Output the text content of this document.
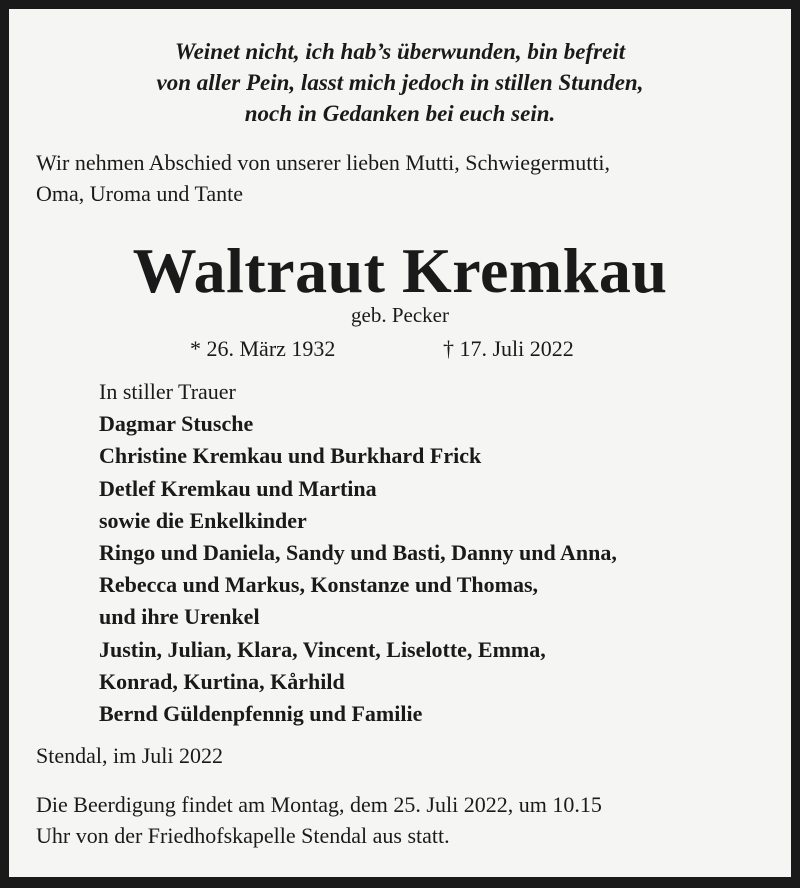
Weinet nicht, ich hab’s überwunden, bin befreit
von aller Pein, lasst mich jedoch in stillen Stunden,
noch in Gedanken bei euch sein.
Wir nehmen Abschied von unserer lieben Mutti, Schwiegermutti,
Oma, Uroma und Tante
Waltraut Kremkau
geb. Pecker
* 26. März 1932	† 17. Juli 2022
In stiller Trauer
Dagmar Stusche
Christine Kremkau und Burkhard Frick
Detlef Kremkau und Martina
sowie die Enkelkinder
Ringo und Daniela, Sandy und Basti, Danny und Anna,
Rebecca und Markus, Konstanze und Thomas,
und ihre Urenkel
Justin, Julian, Klara, Vincent, Liselotte, Emma,
Konrad, Kurtina, Kårhild
Bernd Güldenpfennig und Familie
Stendal, im Juli 2022
Die Beerdigung findet am Montag, dem 25. Juli 2022, um 10.15
Uhr von der Friedhofskapelle Stendal aus statt.
